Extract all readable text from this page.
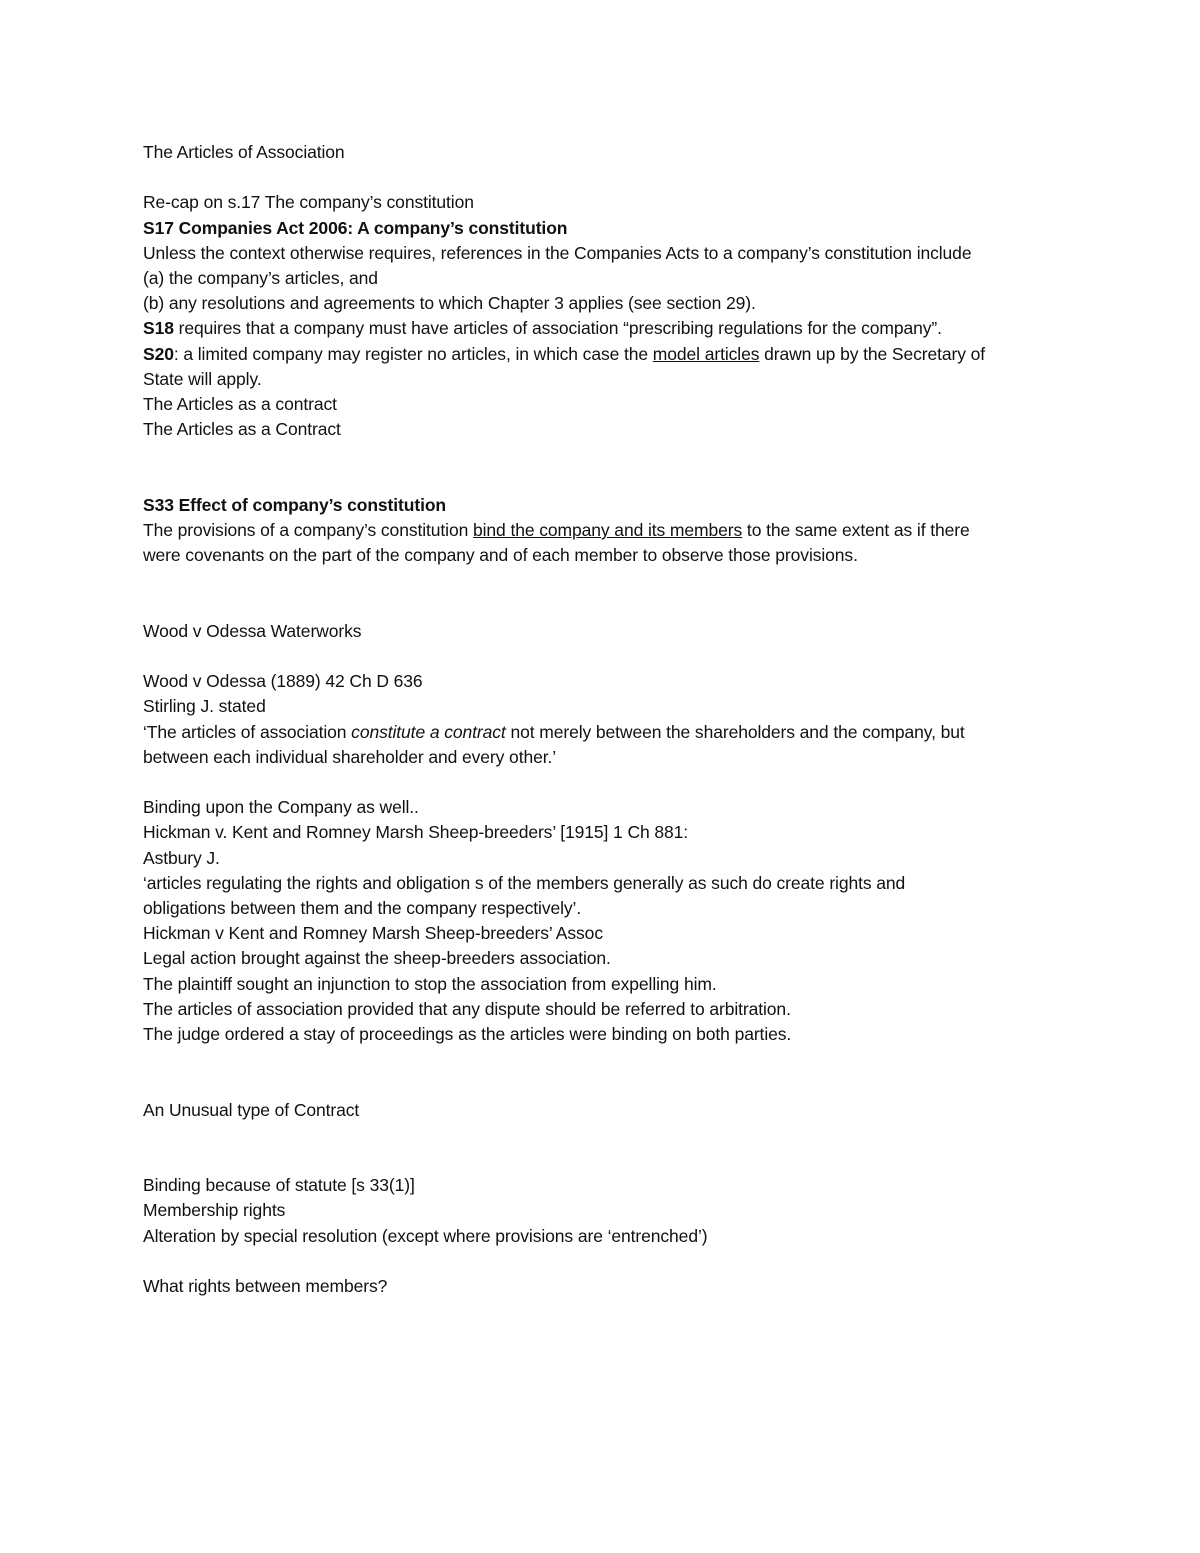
The Articles of Association
Re-cap on s.17 The company’s constitution
S17 Companies Act 2006: A company’s constitution
Unless the context otherwise requires, references in the Companies Acts to a company’s constitution include
(a) the company’s articles, and
(b) any resolutions and agreements to which Chapter 3 applies (see section 29).
S18 requires that a company must have articles of association “prescribing regulations for the company”.
S20: a limited company may register no articles, in which case the model articles drawn up by the Secretary of
State will apply.
The Articles as a contract
The Articles as a Contract
S33 Effect of company’s constitution
The provisions of a company’s constitution bind the company and its members to the same extent as if there
were covenants on the part of the company and of each member to observe those provisions.
Wood v Odessa Waterworks
Wood v Odessa (1889) 42 Ch D 636
Stirling J. stated
‘The articles of association constitute a contract not merely between the shareholders and the company, but
between each individual shareholder and every other.’
Binding upon the Company as well..
Hickman v. Kent and Romney Marsh Sheep-breeders’ [1915] 1 Ch 881:
Astbury J.
‘articles regulating the rights and obligation s of the members generally as such do create rights and
obligations between them and the company respectively’.
Hickman v Kent and Romney Marsh Sheep-breeders’ Assoc
Legal action brought against the sheep-breeders association.
The plaintiff sought an injunction to stop the association from expelling him.
The articles of association provided that any dispute should be referred to arbitration.
The judge ordered a stay of proceedings as the articles were binding on both parties.
An Unusual type of Contract
Binding because of statute [s 33(1)]
Membership rights
Alteration by special resolution (except where provisions are ‘entrenched’)
What rights between members?
